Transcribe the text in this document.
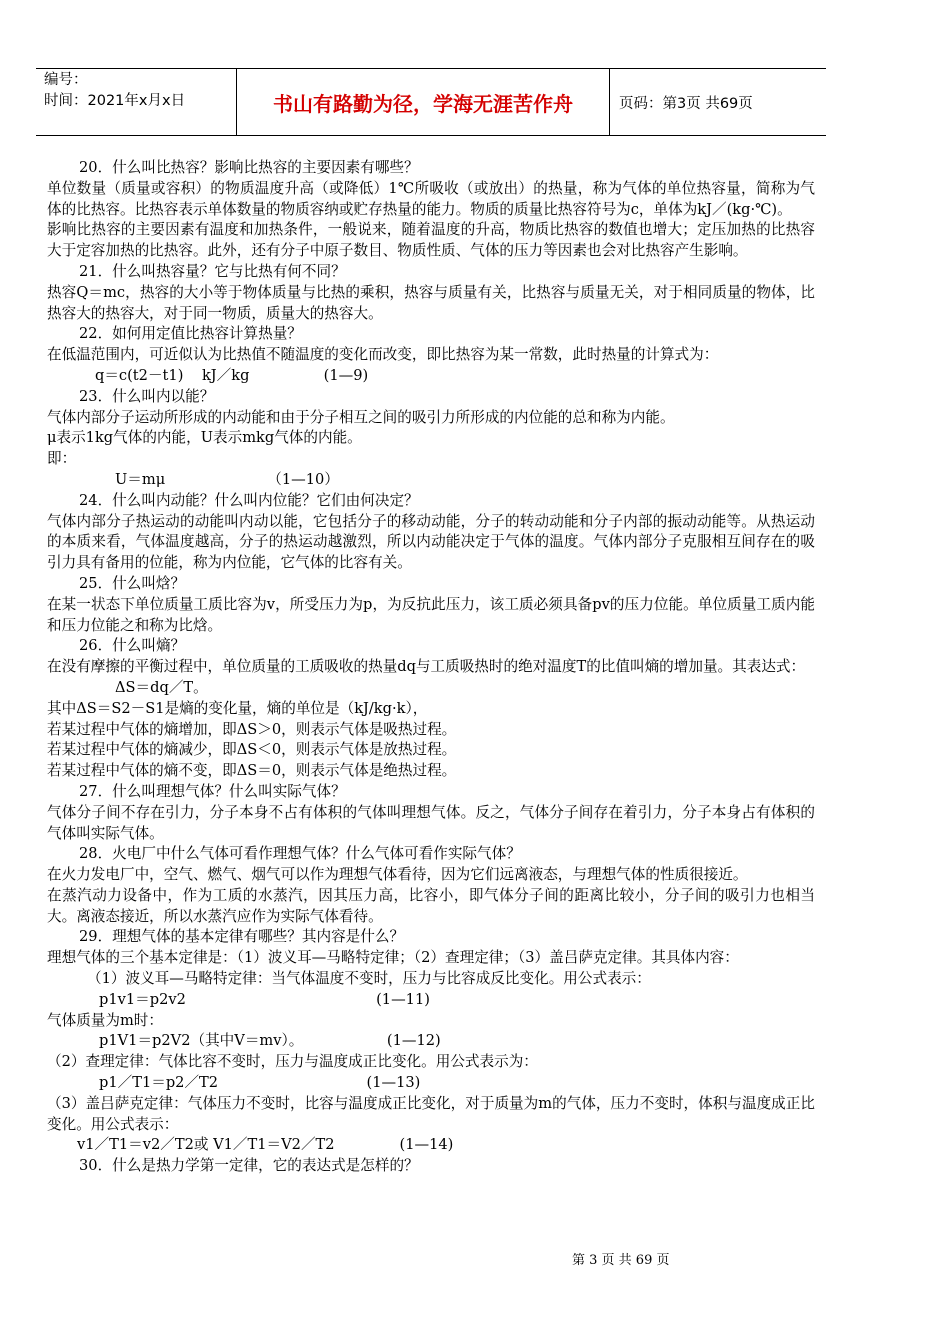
编号：
时间：2021年x月x日	书山有路勤为径，学海无涯苦作舟	页码：第3页 共69页

20．什么叫比热容？影响比热容的主要因素有哪些？

单位数量（质量或容积）的物质温度升高（或降低）1℃所吸收（或放出）的热量，称为气体的单位热容量，简称为气体的比热容。比热容表示单体数量的物质容纳或贮存热量的能力。物质的质量比热容符号为c，单体为kJ／(kg·℃)。

影响比热容的主要因素有温度和加热条件，一般说来，随着温度的升高，物质比热容的数值也增大；定压加热的比热容大于定容加热的比热容。此外，还有分子中原子数目、物质性质、气体的压力等因素也会对比热容产生影响。

21．什么叫热容量？它与比热有何不同？

热容Q＝mc，热容的大小等于物体质量与比热的乘积，热容与质量有关，比热容与质量无关，对于相同质量的物体，比热容大的热容大，对于同一物质，质量大的热容大。

22．如何用定值比热容计算热量？

在低温范围内，可近似认为比热值不随温度的变化而改变，即比热容为某一常数，此时热量的计算式为：

q＝c(t2－t1)    kJ／kg                (1—9)

23．什么叫内以能？

气体内部分子运动所形成的内动能和由于分子相互之间的吸引力所形成的内位能的总和称为内能。

μ表示1kg气体的内能，U表示mkg气体的内能。

即：

U＝mμ                      （1—10）

24．什么叫内动能？什么叫内位能？它们由何决定？

气体内部分子热运动的动能叫内动以能，它包括分子的移动动能，分子的转动动能和分子内部的振动动能等。从热运动的本质来看，气体温度越高，分子的热运动越激烈，所以内动能决定于气体的温度。气体内部分子克服相互间存在的吸引力具有备用的位能，称为内位能，它气体的比容有关。

25．什么叫焓？

在某一状态下单位质量工质比容为v，所受压力为p，为反抗此压力，该工质必须具备pv的压力位能。单位质量工质内能和压力位能之和称为比焓。

26．什么叫熵？

在没有摩擦的平衡过程中，单位质量的工质吸收的热量dq与工质吸热时的绝对温度T的比值叫熵的增加量。其表达式：

ΔS＝dq／T。

其中ΔS＝S2－S1是熵的变化量，熵的单位是（kJ/kg·k），

若某过程中气体的熵增加，即ΔS＞0，则表示气体是吸热过程。

若某过程中气体的熵减少，即ΔS＜0，则表示气体是放热过程。

若某过程中气体的熵不变，即ΔS＝0，则表示气体是绝热过程。

27．什么叫理想气体？什么叫实际气体？

气体分子间不存在引力，分子本身不占有体积的气体叫理想气体。反之，气体分子间存在着引力，分子本身占有体积的气体叫实际气体。

28．火电厂中什么气体可看作理想气体？什么气体可看作实际气体？

在火力发电厂中，空气、燃气、烟气可以作为理想气体看待，因为它们远离液态，与理想气体的性质很接近。

在蒸汽动力设备中，作为工质的水蒸汽，因其压力高，比容小，即气体分子间的距离比较小，分子间的吸引力也相当大。离液态接近，所以水蒸汽应作为实际气体看待。

29．理想气体的基本定律有哪些？其内容是什么？

理想气体的三个基本定律是：（1）波义耳—马略特定律；（2）查理定律；（3）盖吕萨克定律。其具体内容：

（1）波义耳—马略特定律：当气体温度不变时，压力与比容成反比变化。用公式表示：

p1v1＝p2v2                                         (1—11)

气体质量为m时：

p1V1＝p2V2（其中V＝mv）。                  (1—12)

（2）查理定律：气体比容不变时，压力与温度成正比变化。用公式表示为：

p1／T1＝p2／T2                                (1—13)

（3）盖吕萨克定律：气体压力不变时，比容与温度成正比变化，对于质量为m的气体，压力不变时，体积与温度成正比变化。用公式表示：

v1／T1＝v2／T2或 V1／T1＝V2／T2              (1—14)

30．什么是热力学第一定律，它的表达式是怎样的？

第 3 页 共 69 页
